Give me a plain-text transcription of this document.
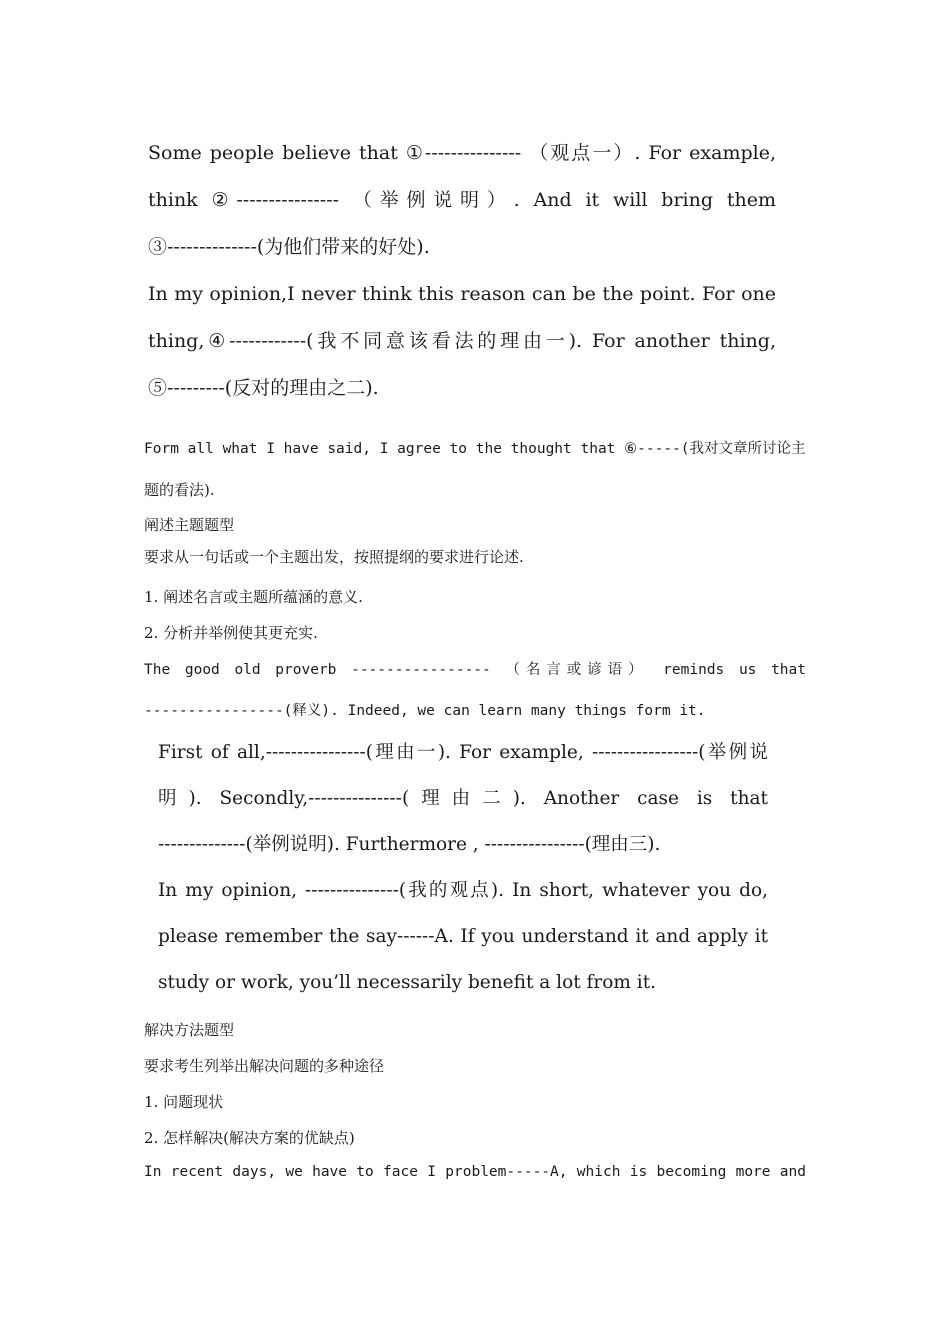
Some people believe that ①--------------- （观点一）. For example,
think ②---------------- （举例说明）. And it will bring them
③--------------(为他们带来的好处).
In my opinion,I never think this reason can be the point. For one
thing,④------------(我不同意该看法的理由一). For another thing,
⑤---------(反对的理由之二).
Form all what I have said, I agree to the thought that ⑥-----(我对文章所讨论主
题的看法).
阐述主题题型
要求从一句话或一个主题出发，按照提纲的要求进行论述.
1. 阐述名言或主题所蕴涵的意义.
2. 分析并举例使其更充实.
The good old proverb ---------------- （名言或谚语） reminds us that
----------------(释义). Indeed, we can learn many things form it.
First of all,----------------(理由一). For example, -----------------(举例说
明). Secondly,---------------(理由二). Another case is that
--------------(举例说明). Furthermore , ----------------(理由三).
In my opinion, ---------------(我的观点). In short, whatever you do,
please remember the say------A. If you understand it and apply it
study or work, you’ll necessarily benefit a lot from it.
解决方法题型
要求考生列举出解决问题的多种途径
1. 问题现状
2. 怎样解决(解决方案的优缺点)
In recent days, we have to face I problem-----A, which is becoming more and
